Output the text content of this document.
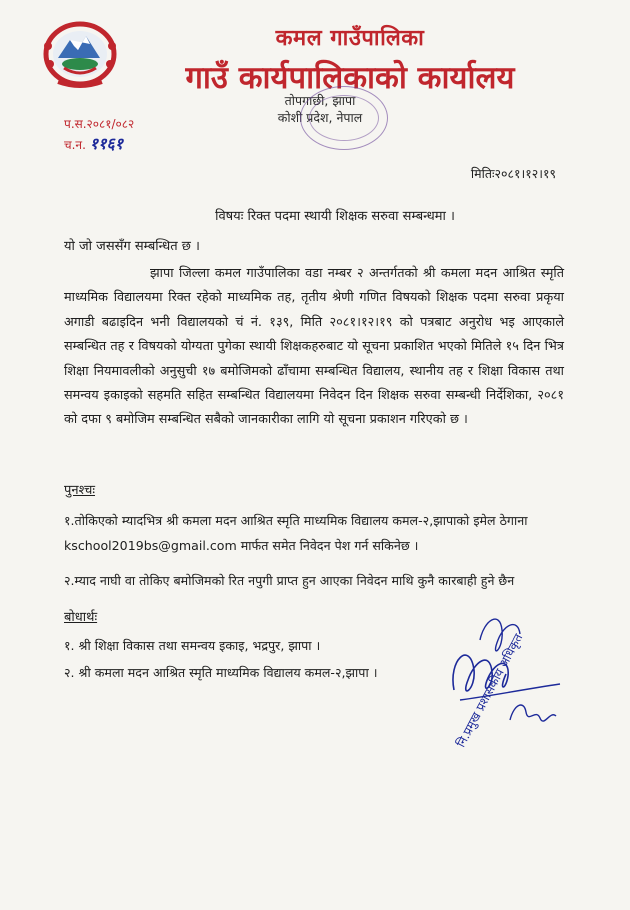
कमल गाउँपालिका
गाउँ कार्यपालिकाको कार्यालय
तोपगाछी, झापा
कोशी प्रदेश, नेपाल
प.स.२०८१/०८२
च.न. ११६१
मितिः२०८१।१२।१९
विषयः रिक्त पदमा स्थायी शिक्षक सरुवा सम्बन्धमा ।
यो जो जससँग सम्बन्धित छ ।
झापा जिल्ला कमल गाउँपालिका वडा नम्बर २ अन्तर्गतको श्री कमला मदन आश्रित स्मृति माध्यमिक विद्यालयमा रिक्त रहेको माध्यमिक तह, तृतीय श्रेणी गणित विषयको शिक्षक पदमा सरुवा प्रकृया अगाडी बढाइदिन भनी विद्यालयको चं नं. १३९, मिति २०८१।१२।१९ को पत्रबाट अनुरोध भइ आएकाले सम्बन्धित तह र विषयको योग्यता पुगेका स्थायी शिक्षकहरुबाट यो सूचना प्रकाशित भएको मितिले १५ दिन भित्र शिक्षा नियमावलीको अनुसुची १७ बमोजिमको ढाँचामा सम्बन्धित विद्यालय, स्थानीय तह र शिक्षा विकास तथा समन्वय इकाइको सहमति सहित सम्बन्धित विद्यालयमा निवेदन दिन शिक्षक सरुवा सम्बन्धी निर्देशिका, २०८१ को दफा ९ बमोजिम सम्बन्धित सबैको जानकारीका लागि यो सूचना प्रकाशन गरिएको छ ।
पुनश्चः
१.तोकिएको म्यादभित्र श्री कमला मदन आश्रित स्मृति माध्यमिक विद्यालय कमल-२,झापाको इमेल ठेगाना
kschool2019bs@gmail.com मार्फत समेत निवेदन पेश गर्न सकिनेछ ।
२.म्याद नाघी वा तोकिए बमोजिमको रित नपुगी प्राप्त हुन आएका निवेदन माथि कुनै कारबाही हुने छैन
बोधार्थः
१. श्री शिक्षा विकास तथा समन्वय इकाइ, भद्रपुर, झापा ।
२. श्री कमला मदन आश्रित स्मृति माध्यमिक विद्यालय कमल-२,झापा ।	नि.प्रमुख प्रशासकीय अधिकृत
